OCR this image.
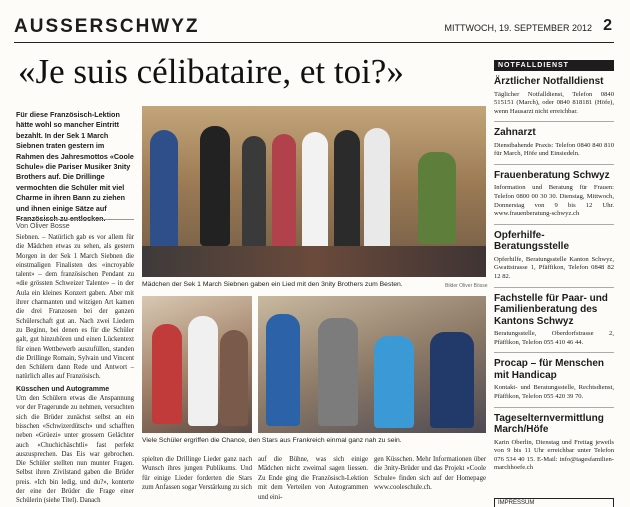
AUSSERSCHWYZ	MITTWOCH, 19. SEPTEMBER 2012 2
«Je suis célibataire, et toi?»
Für diese Französisch-Lektion hätte wohl so mancher Eintritt bezahlt. In der Sek 1 March Siebnen traten gestern im Rahmen des Jahresmottos «Coole Schule» die Pariser Musiker 3nity Brothers auf. Die Drillinge vermochten die Schüler mit viel Charme in ihren Bann zu ziehen und ihnen einige Sätze auf Französisch zu entlocken.
Von Oliver Bosse

Siebnen. – Natürlich gab es vor allem für die Mädchen etwas zu sehen, als gestern Morgen in der Sek 1 March Siebnen die einstmaligen Finalisten des «incroyable talent» – dem französischen Pendant zu «die grössten Schweizer Talente» – in der Aula ein kleines Konzert gaben. Aber mit ihrer charmanten und witzigen Art kamen die drei Franzosen bei der ganzen Schülerschaft gut an. Nach zwei Liedern zu Beginn, bei denen es für die Schüler galt, gut hinzuhören und einen Lückentext für einen Wettbewerb auszufüllen, standen die Drillinge Romain, Sylvain und Vincent den Schülern dann Rede und Antwort – natürlich alles auf Französisch.

Küsschen und Autogramme

Um den Schülern etwas die Anspannung vor der Fragerunde zu nehmen, versuchten sich die Brüder zunächst selbst an ein bisschen «Schwizerdütsch» und schafften neben «Grüezi» unter grossem Gelächter auch «Chuchichäschtli» fast perfekt auszusprechen. Das Eis war gebrochen. Die Schüler stellten nun munter Fragen. Selbst ihren Zivilstand gaben die Brüder preis. «Ich bin ledig, und du?», konterte der eine der Brüder die Frage einer Schülerin (siehe Titel). Danach

Mädchen der Sek 1 March Siebnen gaben ein Lied mit den 3nity Brothers zum Besten.	Bilder Oliver Bösse
Viele Schüler ergriffen die Chance, den Stars aus Frankreich einmal ganz nah zu sein.
spielten die Drillinge Lieder ganz nach Wunsch ihres jungen Publikums. Und für einige Lieder forderten die Stars zum Anfassen sogar Verstärkung zu sich
auf die Bühne, was sich einige Mädchen nicht zweimal sagen liessen. Zu Ende ging die Französisch-Lektion mit dem Verteilen von Autogrammen und eini-
gen Küsschen. Mehr Informationen über die 3nity-Brüder und das Projekt «Coole Schule» finden sich auf der Homepage www.cooleschule.ch.
NOTFALLDIENST
Ärztlicher Notfalldienst
Täglicher Notfalldienst, Telefon 0840 515151 (March), oder 0840 818181 (Höfe), wenn Hausarzt nicht erreichbar.
Zahnarzt
Dienstbahende Praxis: Telefon 0840 840 810 für March, Höfe und Einsiedeln.
Frauenberatung Schwyz
Information und Beratung für Frauen: Telefon 0800 00 30 30. Dienstag, Mittwoch, Donnerstag von 9 bis 12 Uhr. www.frauenberatung-schwyz.ch
Opferhilfe-Beratungsstelle
Opferhilfe, Beratungsstelle Kanton Schwyz, Gwattstrasse 1, Pfäffikon, Telefon 0848 82 12 82.
Fachstelle für Paar- und Familienberatung des Kantons Schwyz
Beratungsstelle, Oberdorfstrasse 2, Pfäffikon, Telefon 055 410 46 44.
Procap – für Menschen mit Handicap
Kontakt- und Beratungsstelle, Rechtsdienst, Pfäffikon, Telefon 055 420 39 70.
Tageselternvermittlung March/Höfe
Karin Oberlin, Dienstag und Freitag jeweils von 9 bis 11 Uhr erreichbar unter Telefon 076 534 40 15. E-Mail: info@tagesfamilien-marchhoefe.ch
IMPRESSUM
